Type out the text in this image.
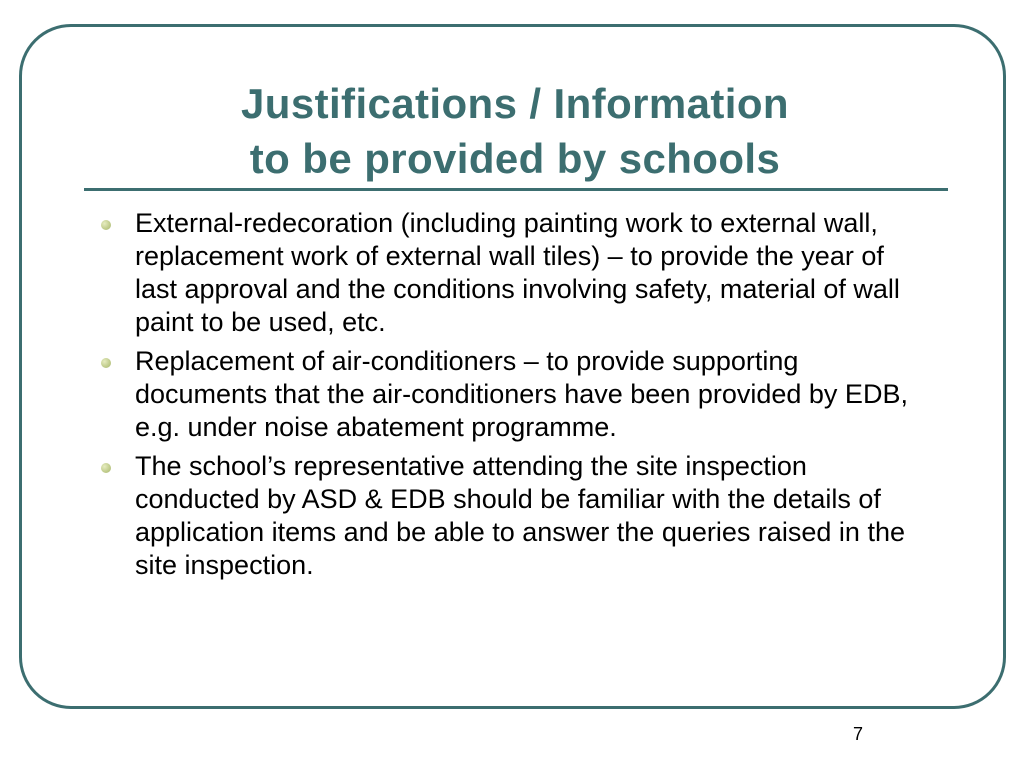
Justifications / Information
to be provided by schools
External-redecoration (including painting work to external wall, replacement work of external wall tiles) – to provide the year of last approval and the conditions involving safety, material of wall paint to be used, etc.
Replacement of air-conditioners – to provide supporting documents that the air-conditioners have been provided by EDB, e.g. under noise abatement programme.
The school’s representative attending the site inspection conducted by ASD & EDB should be familiar with the details of application items and be able to answer the queries raised in the site inspection.
7
